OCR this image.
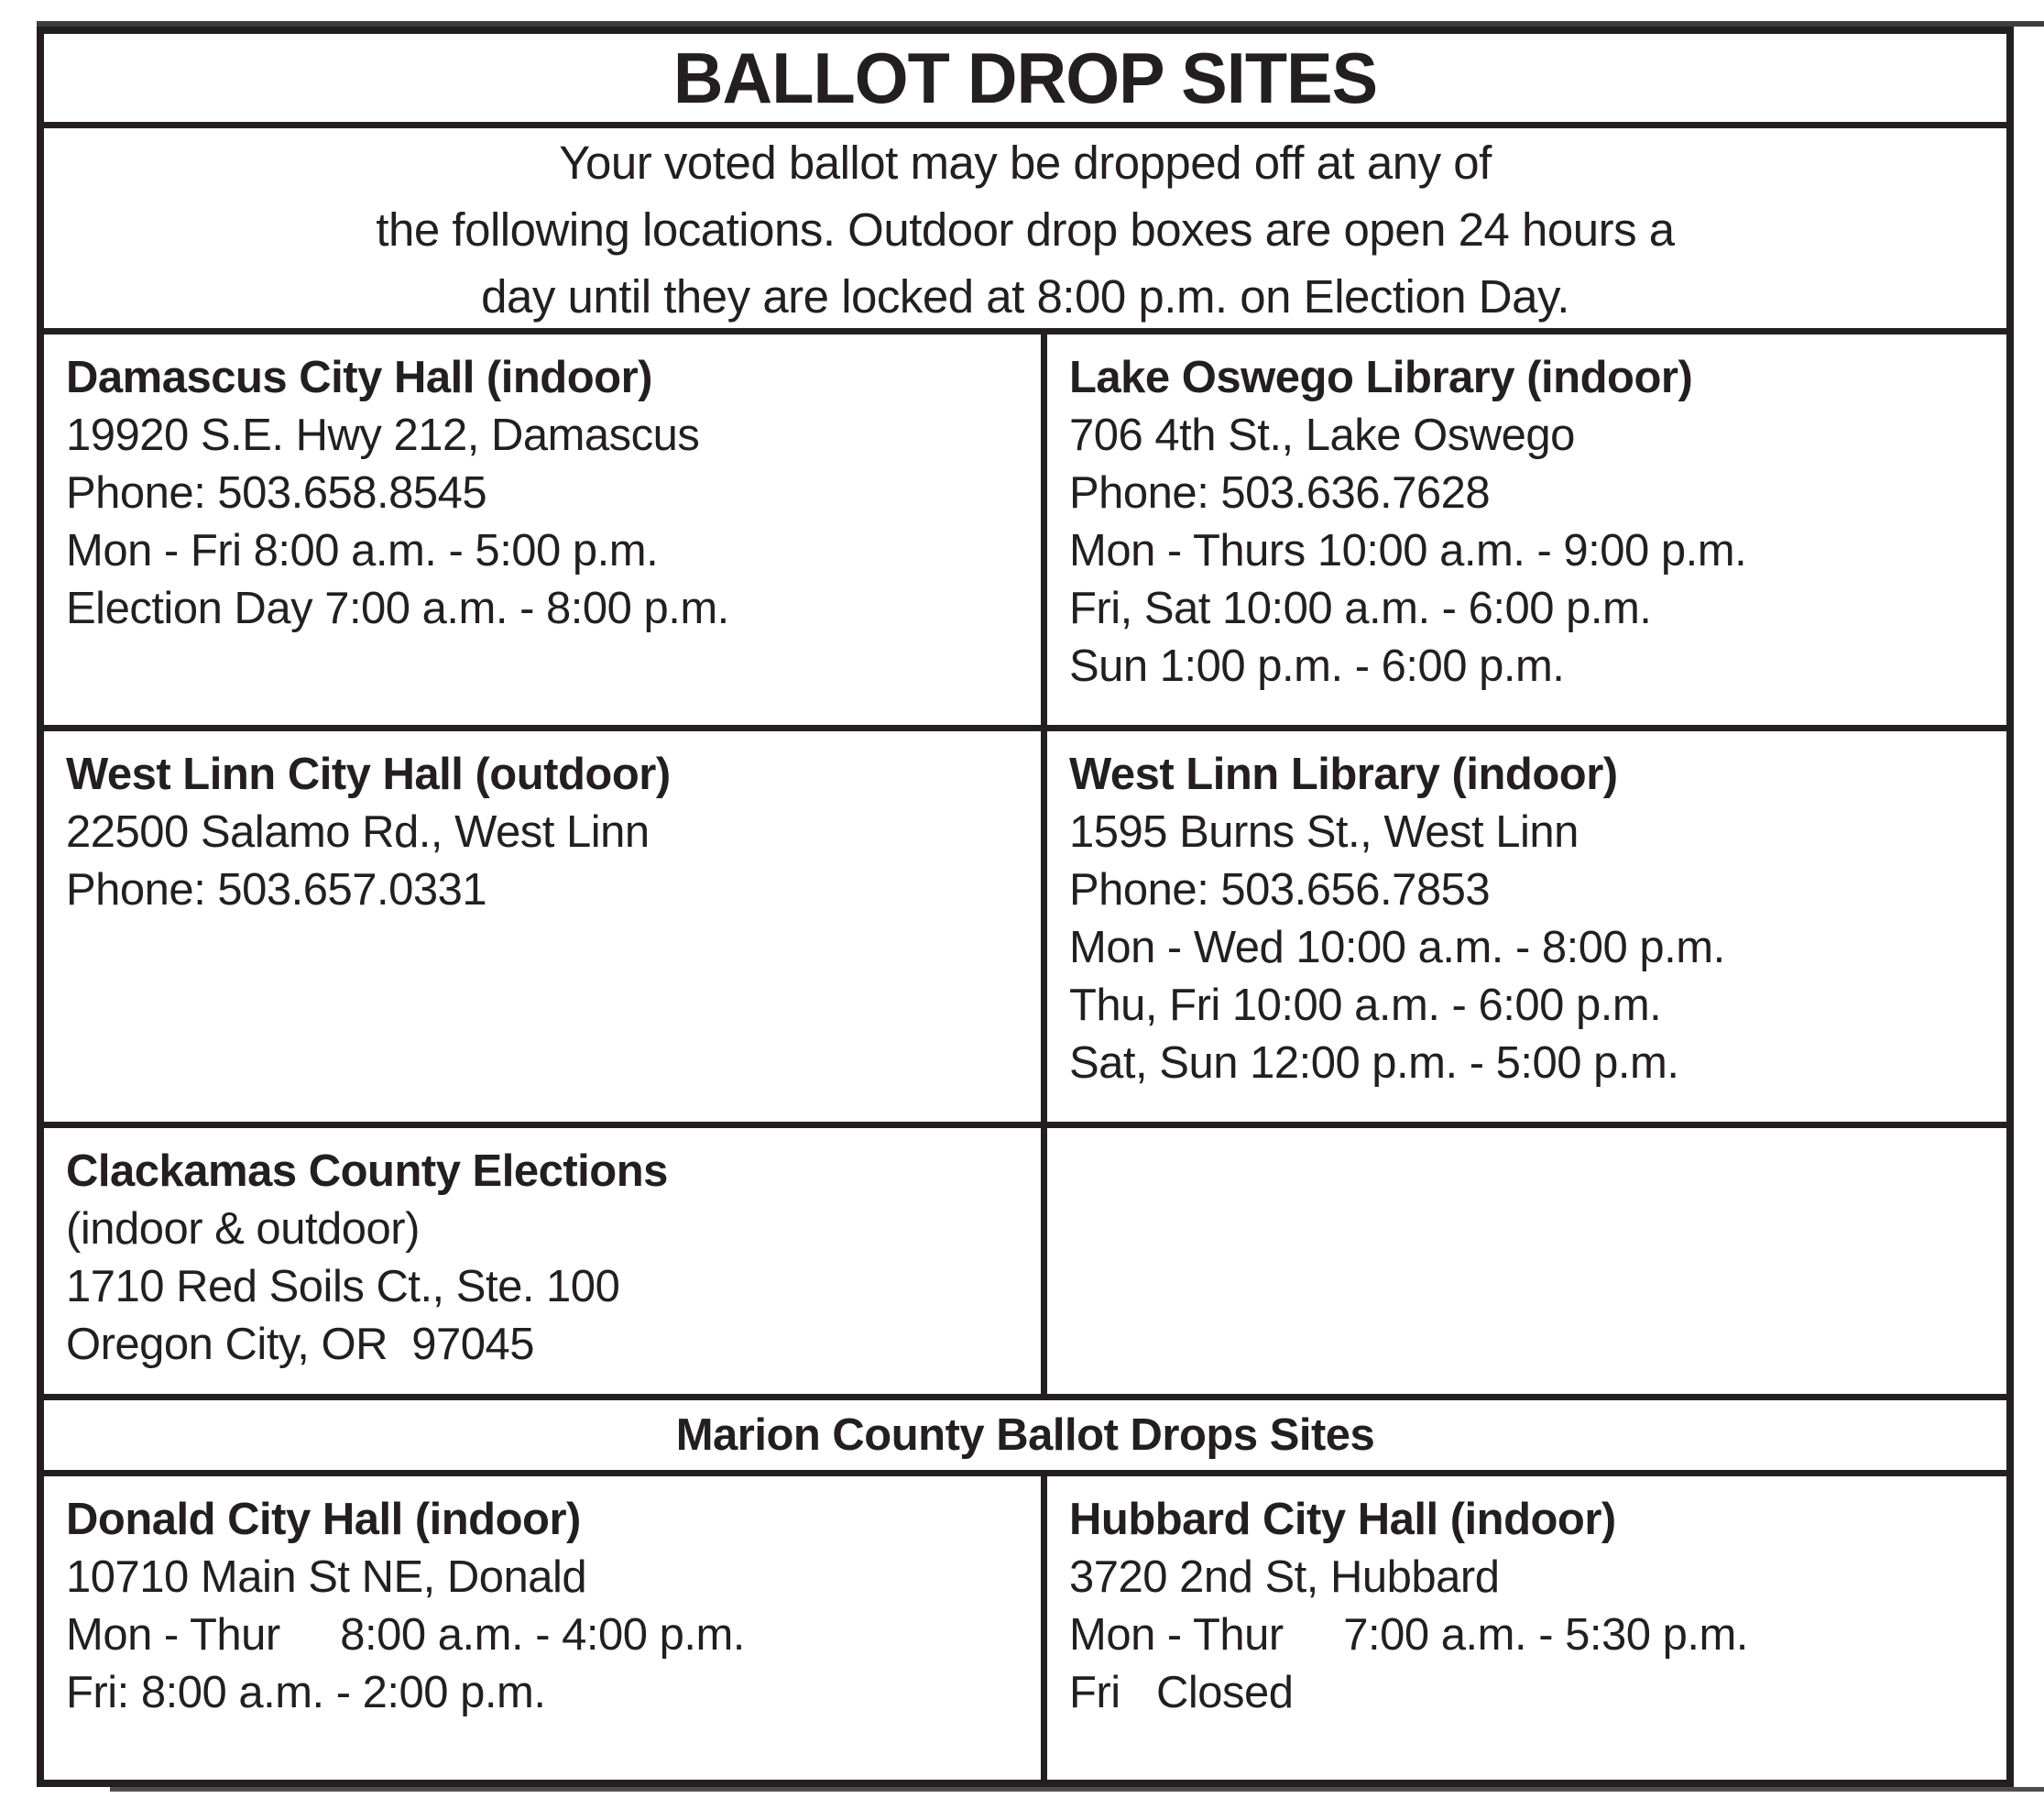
BALLOT DROP SITES
Your voted ballot may be dropped off at any of
the following locations. Outdoor drop boxes are open 24 hours a
day until they are locked at 8:00 p.m. on Election Day.
Damascus City Hall (indoor)
19920 S.E. Hwy 212, Damascus
Phone: 503.658.8545
Mon - Fri 8:00 a.m. - 5:00 p.m.
Election Day 7:00 a.m. - 8:00 p.m.
Lake Oswego Library (indoor)
706 4th St., Lake Oswego
Phone: 503.636.7628
Mon - Thurs 10:00 a.m. - 9:00 p.m.
Fri, Sat 10:00 a.m. - 6:00 p.m.
Sun 1:00 p.m. - 6:00 p.m.
West Linn City Hall (outdoor)
22500 Salamo Rd., West Linn
Phone: 503.657.0331
West Linn Library (indoor)
1595 Burns St., West Linn
Phone: 503.656.7853
Mon - Wed 10:00 a.m. - 8:00 p.m.
Thu, Fri 10:00 a.m. - 6:00 p.m.
Sat, Sun 12:00 p.m. - 5:00 p.m.
Clackamas County Elections
(indoor & outdoor)
1710 Red Soils Ct., Ste. 100
Oregon City, OR  97045
Marion County Ballot Drops Sites
Donald City Hall (indoor)
10710 Main St NE, Donald
Mon - Thur     8:00 a.m. - 4:00 p.m.
Fri: 8:00 a.m. - 2:00 p.m.
Hubbard City Hall (indoor)
3720 2nd St, Hubbard
Mon - Thur     7:00 a.m. - 5:30 p.m.
Fri   Closed
